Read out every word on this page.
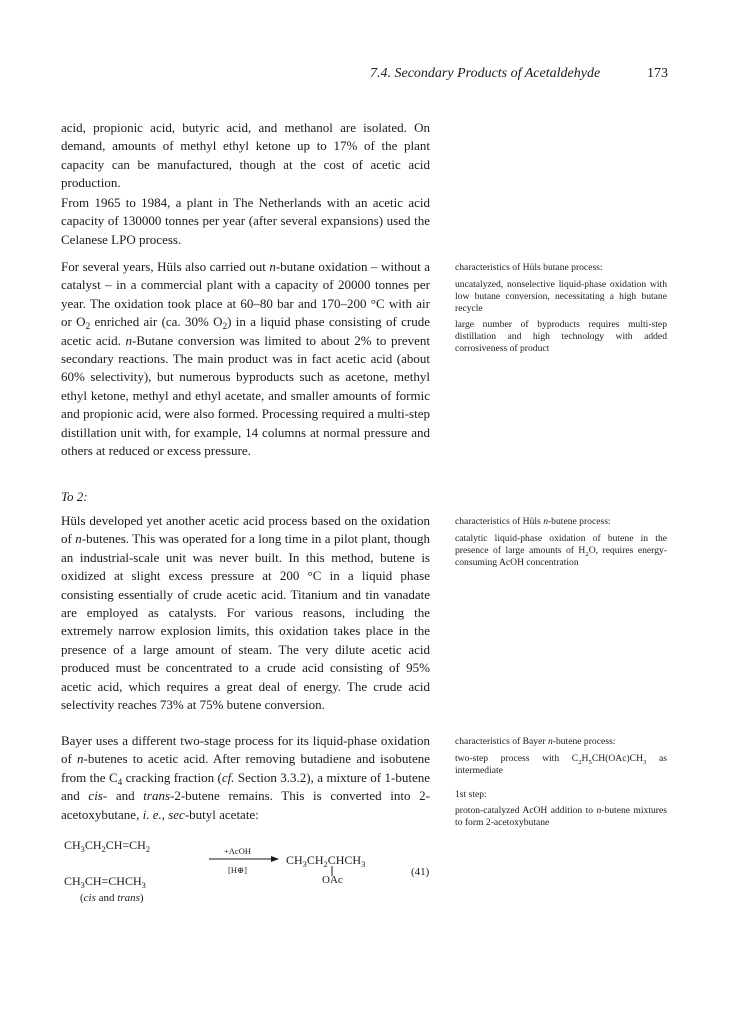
7.4. Secondary Products of Acetaldehyde	173

acid, propionic acid, butyric acid, and methanol are isolated. On demand, amounts of methyl ethyl ketone up to 17% of the plant capacity can be manufactured, though at the cost of acetic acid production.

From 1965 to 1984, a plant in The Netherlands with an acetic acid capacity of 130000 tonnes per year (after several expansions) used the Celanese LPO process.

For several years, Hüls also carried out n-butane oxidation – without a catalyst – in a commercial plant with a capacity of 20000 tonnes per year. The oxidation took place at 60–80 bar and 170–200 °C with air or $O_2$ enriched air (ca. 30% $O_2$) in a liquid phase consisting of crude acetic acid. n-Butane conversion was limited to about 2% to prevent secondary reactions. The main product was in fact acetic acid (about 60% selectivity), but numerous byproducts such as acetone, methyl ethyl ketone, methyl and ethyl acetate, and smaller amounts of formic and propionic acid, were also formed. Processing required a multi-step distillation unit with, for example, 14 columns at normal pressure and others at reduced or excess pressure.

To 2:

Hüls developed yet another acetic acid process based on the oxidation of n-butenes. This was operated for a long time in a pilot plant, though an industrial-scale unit was never built. In this method, butene is oxidized at slight excess pressure at 200 °C in a liquid phase consisting essentially of crude acetic acid. Titanium and tin vanadate are employed as catalysts. For various reasons, including the extremely narrow explosion limits, this oxidation takes place in the presence of a large amount of steam. The very dilute acetic acid produced must be concentrated to a crude acid consisting of 95% acetic acid, which requires a great deal of energy. The crude acid selectivity reaches 73% at 75% butene conversion.

Bayer uses a different two-stage process for its liquid-phase oxidation of n-butenes to acetic acid. After removing butadiene and isobutene from the $C_4$ cracking fraction (cf. Section 3.3.2), a mixture of 1-butene and cis- and trans-2-butene remains. This is converted into 2-acetoxybutane, i. e., sec-butyl acetate:

characteristics of Hüls butane process:

uncatalyzed, nonselective liquid-phase oxidation with low butane conversion, necessitating a high butane recycle

large number of byproducts requires multi-step distillation and high technology with added corrosiveness of product

characteristics of Hüls n-butene process:

catalytic liquid-phase oxidation of butene in the presence of large amounts of $H_2O$, requires energy-consuming AcOH concentration

characteristics of Bayer n-butene process:

two-step process with $C_2H_5CH(OAc)CH_3$ as intermediate

1st step:

proton-catalyzed AcOH addition to n-butene mixtures to form 2-acetoxybutane

$CH_3CH_2CH=CH_2$
$CH_3CH=CHCH_3$
(cis and trans)
+AcOH
[H⊕]
$CH_3CH_2CHCH_3$
OAc
(41)
